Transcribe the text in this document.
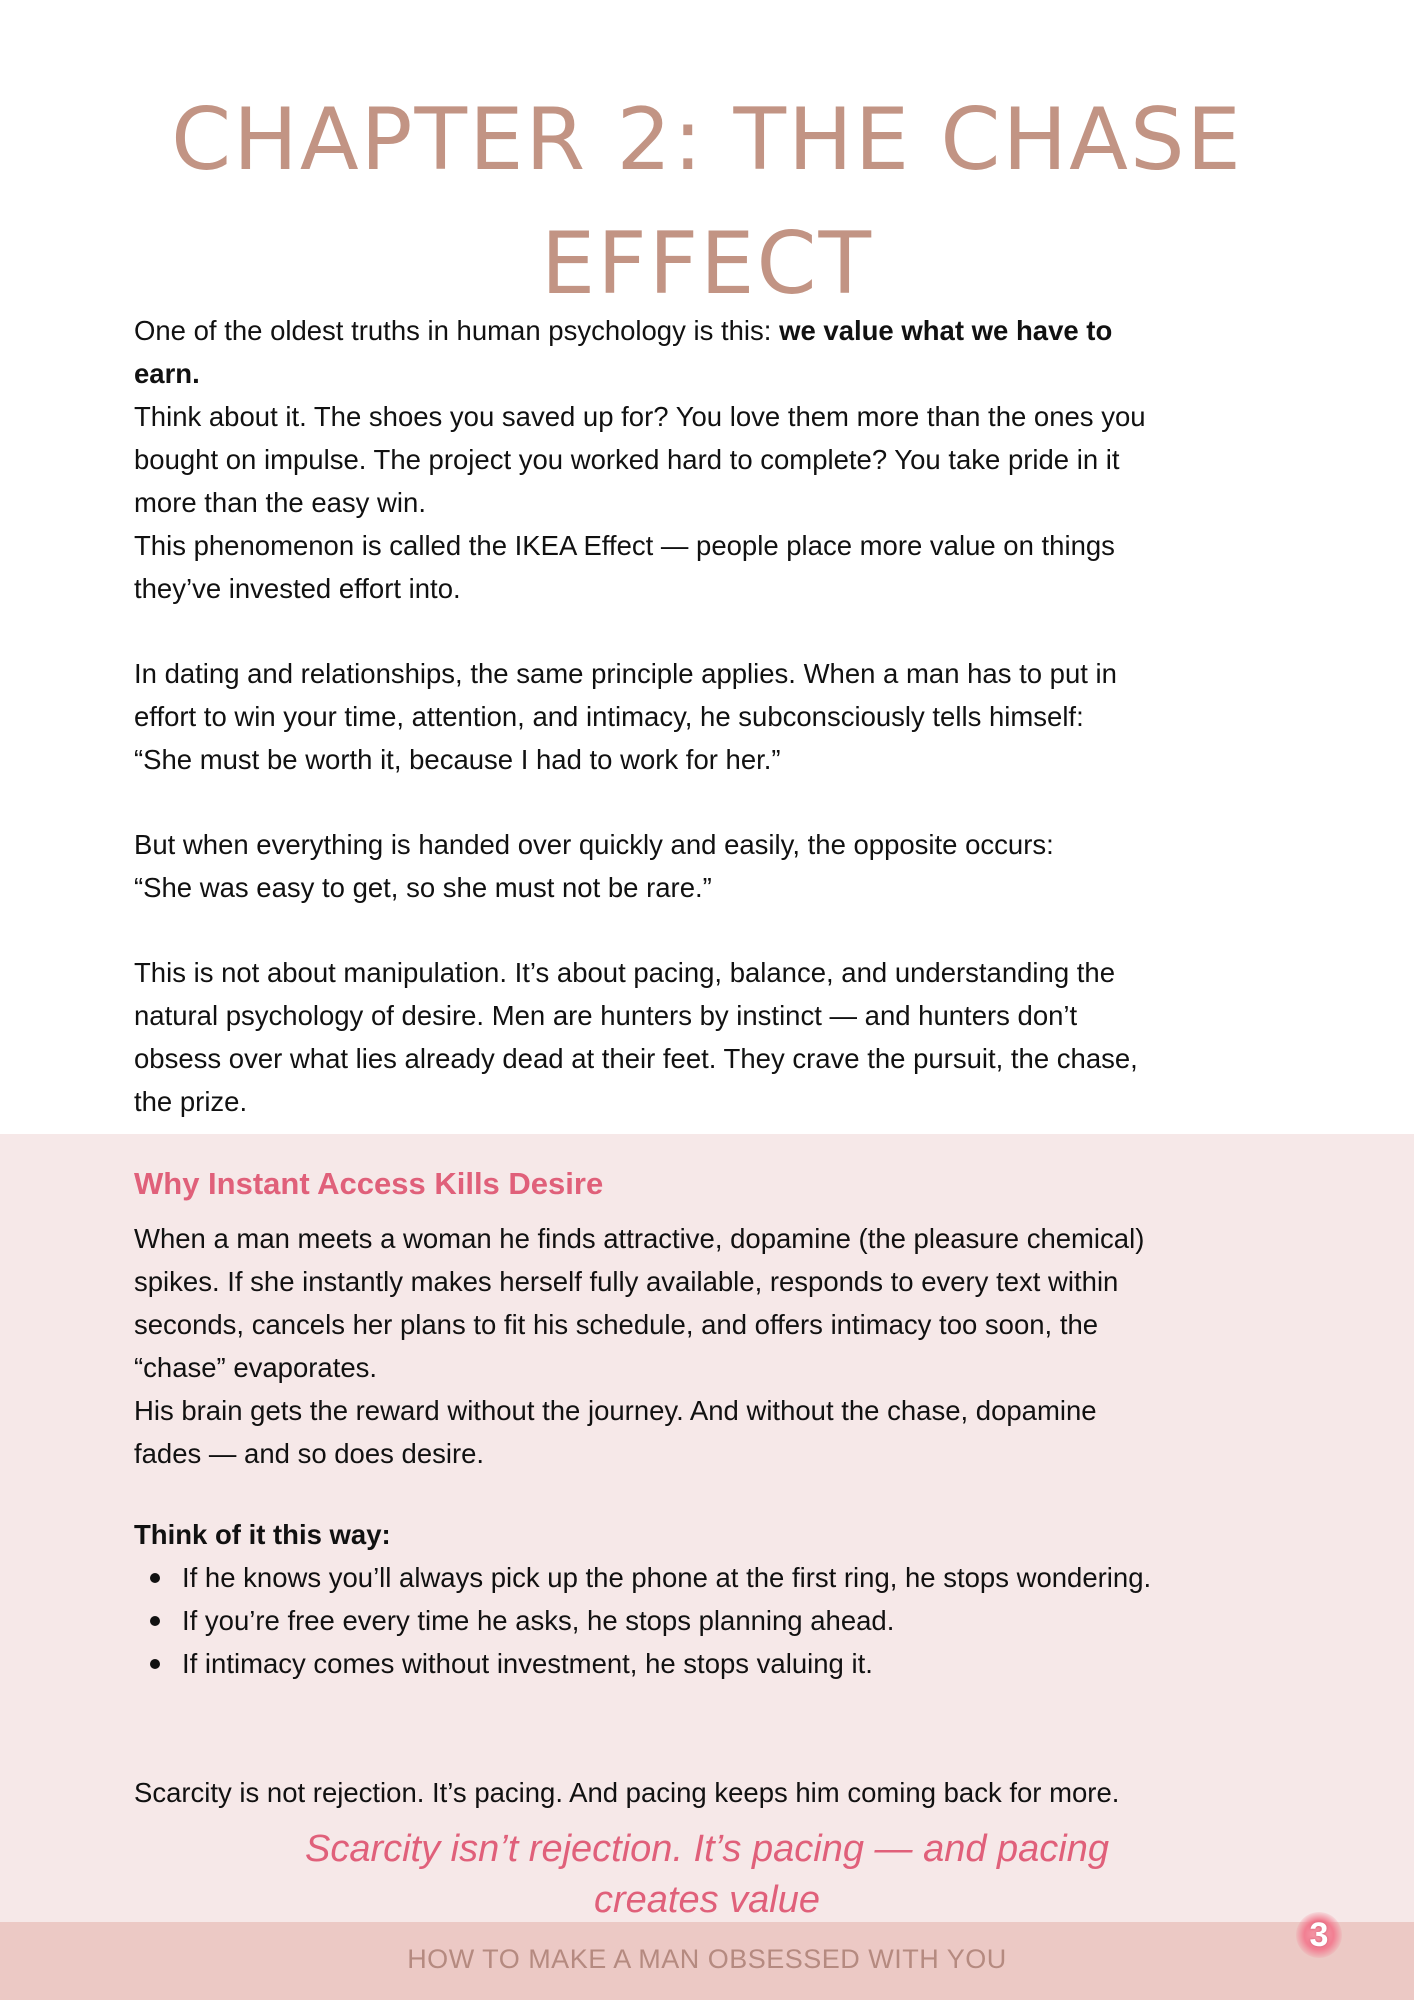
CHAPTER 2: THE CHASE
EFFECT
One of the oldest truths in human psychology is this: we value what we have to
earn.
Think about it. The shoes you saved up for? You love them more than the ones you
bought on impulse. The project you worked hard to complete? You take pride in it
more than the easy win.
This phenomenon is called the IKEA Effect — people place more value on things
they’ve invested effort into.
In dating and relationships, the same principle applies. When a man has to put in
effort to win your time, attention, and intimacy, he subconsciously tells himself:
“She must be worth it, because I had to work for her.”
But when everything is handed over quickly and easily, the opposite occurs:
“She was easy to get, so she must not be rare.”
This is not about manipulation. It’s about pacing, balance, and understanding the
natural psychology of desire. Men are hunters by instinct — and hunters don’t
obsess over what lies already dead at their feet. They crave the pursuit, the chase,
the prize.
Why Instant Access Kills Desire
When a man meets a woman he finds attractive, dopamine (the pleasure chemical)
spikes. If she instantly makes herself fully available, responds to every text within
seconds, cancels her plans to fit his schedule, and offers intimacy too soon, the
“chase” evaporates.
His brain gets the reward without the journey. And without the chase, dopamine
fades — and so does desire.
Think of it this way:
If he knows you’ll always pick up the phone at the first ring, he stops wondering.
If you’re free every time he asks, he stops planning ahead.
If intimacy comes without investment, he stops valuing it.
Scarcity is not rejection. It’s pacing. And pacing keeps him coming back for more.
Scarcity isn’t rejection. It’s pacing — and pacing
creates value
HOW TO MAKE A MAN OBSESSED WITH YOU
3
